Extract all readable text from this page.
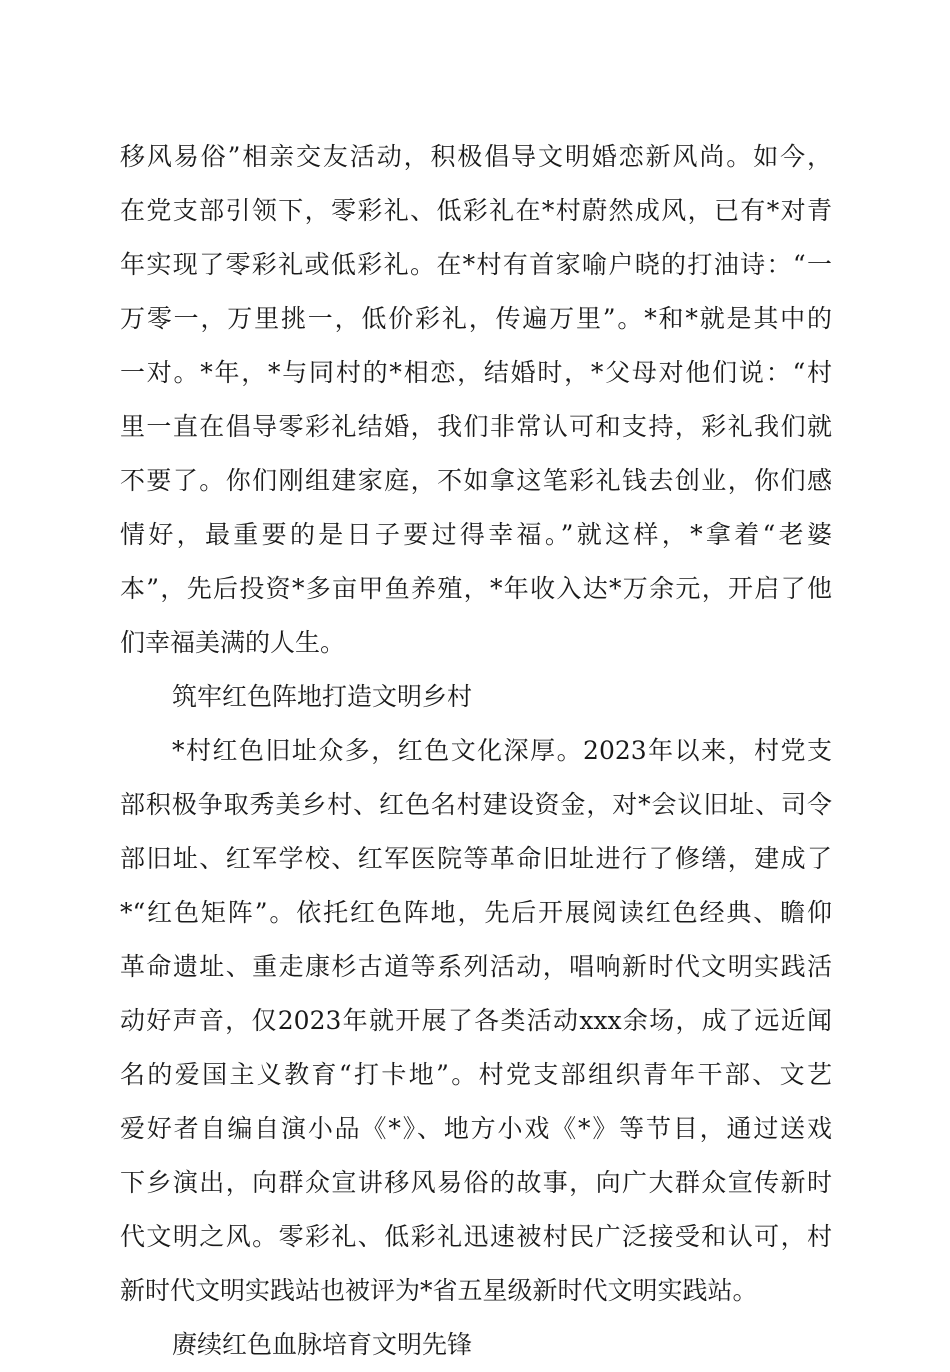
移风易俗”相亲交友活动，积极倡导文明婚恋新风尚。如今，
在党支部引领下，零彩礼、低彩礼在*村蔚然成风，已有*对青
年实现了零彩礼或低彩礼。在*村有首家喻户晓的打油诗：“一
万零一，万里挑一，低价彩礼，传遍万里”。*和*就是其中的
一对。*年，*与同村的*相恋，结婚时，*父母对他们说：“村
里一直在倡导零彩礼结婚，我们非常认可和支持，彩礼我们就
不要了。你们刚组建家庭，不如拿这笔彩礼钱去创业，你们感
情好，最重要的是日子要过得幸福。”就这样，*拿着“老婆
本”，先后投资*多亩甲鱼养殖，*年收入达*万余元，开启了他
们幸福美满的人生。
筑牢红色阵地打造文明乡村
*村红色旧址众多，红色文化深厚。2023年以来，村党支
部积极争取秀美乡村、红色名村建设资金，对*会议旧址、司令
部旧址、红军学校、红军医院等革命旧址进行了修缮，建成了
*“红色矩阵”。依托红色阵地，先后开展阅读红色经典、瞻仰
革命遗址、重走康杉古道等系列活动，唱响新时代文明实践活
动好声音，仅2023年就开展了各类活动xxx余场，成了远近闻
名的爱国主义教育“打卡地”。村党支部组织青年干部、文艺
爱好者自编自演小品《*》、地方小戏《*》等节目，通过送戏
下乡演出，向群众宣讲移风易俗的故事，向广大群众宣传新时
代文明之风。零彩礼、低彩礼迅速被村民广泛接受和认可，村
新时代文明实践站也被评为*省五星级新时代文明实践站。
赓续红色血脉培育文明先锋
